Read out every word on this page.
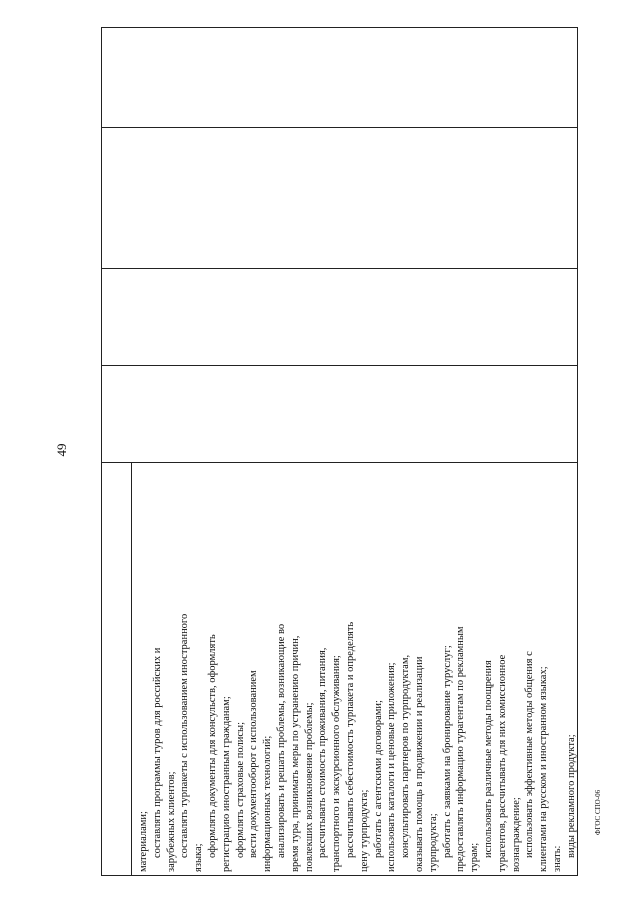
материалами; составлять программы туров для российских и зарубежных клиентов; составлять турпакеты с использованием иностранного языка; оформлять документы для консульств, оформлять регистрацию иностранным гражданам; оформлять страховые полисы; вести документооборот с использованием информационных технологий; анализировать и решать проблемы, возникающие во время тура, принимать меры по устранению причин, повлекших возникновение проблемы; рассчитывать стоимость проживания, питания, транспортного и экскурсионного обслуживания; рассчитывать себестоимость турпакета и определять цену турпродукта; работать с агентскими договорами; использовать каталоги и ценовые приложения; консультировать партнеров по турпродуктам, оказывать помощь в продвижении и реализации турпродукта; работать с заявками на бронирование туруслуг; предоставлять информацию турагентам по рекламным турам; использовать различные методы поощрения турагентов, рассчитывать для них комиссионное вознаграждение; использовать эффективные методы общения с клиентами на русском и иностранном языках; знать:
виды рекламного продукта;
49
ФГОС СПО-06
